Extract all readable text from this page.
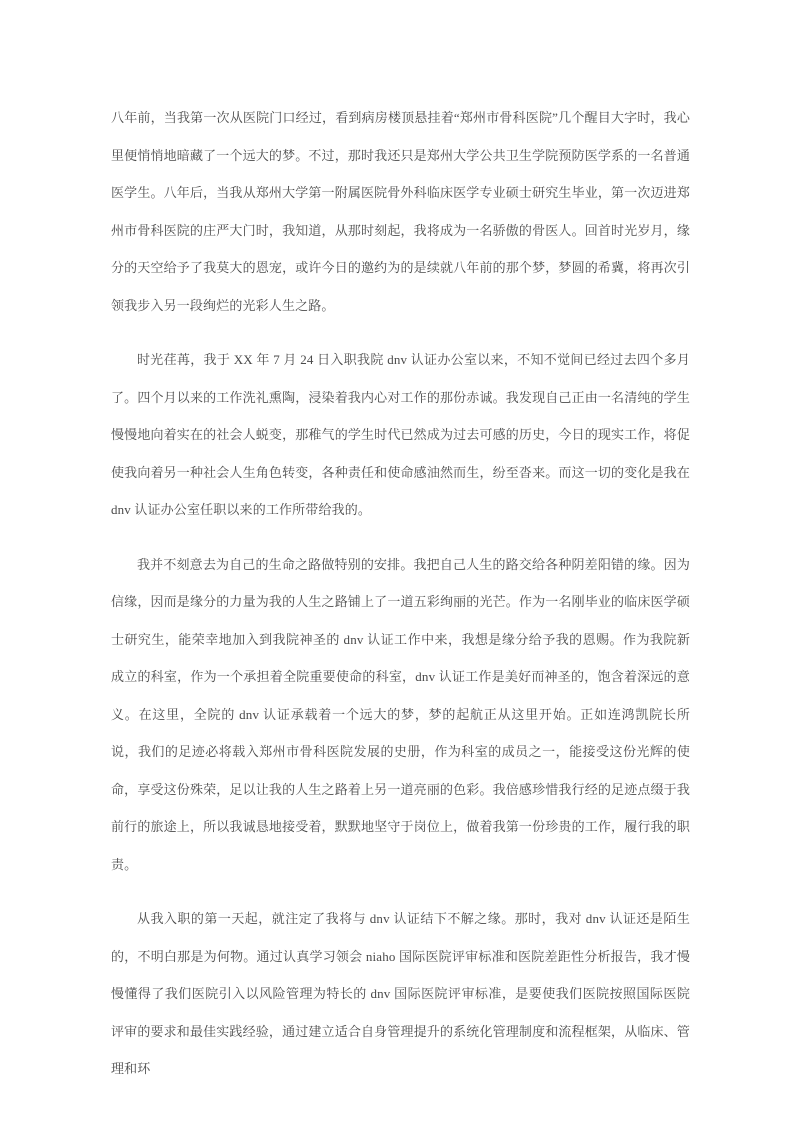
八年前，当我第一次从医院门口经过，看到病房楼顶悬挂着“郑州市骨科医院”几个醒目大字时，我心里便悄悄地暗藏了一个远大的梦。不过，那时我还只是郑州大学公共卫生学院预防医学系的一名普通医学生。八年后，当我从郑州大学第一附属医院骨外科临床医学专业硕士研究生毕业，第一次迈进郑州市骨科医院的庄严大门时，我知道，从那时刻起，我将成为一名骄傲的骨医人。回首时光岁月，缘分的天空给予了我莫大的恩宠，或许今日的邀约为的是续就八年前的那个梦，梦圆的希冀，将再次引领我步入另一段绚烂的光彩人生之路。

时光荏苒，我于 XX 年 7 月 24 日入职我院 dnv 认证办公室以来，不知不觉间已经过去四个多月了。四个月以来的工作洗礼熏陶，浸染着我内心对工作的那份赤诚。我发现自己正由一名清纯的学生慢慢地向着实在的社会人蜕变，那稚气的学生时代已然成为过去可感的历史，今日的现实工作，将促使我向着另一种社会人生角色转变，各种责任和使命感油然而生，纷至沓来。而这一切的变化是我在 dnv 认证办公室任职以来的工作所带给我的。

我并不刻意去为自己的生命之路做特别的安排。我把自己人生的路交给各种阴差阳错的缘。因为信缘，因而是缘分的力量为我的人生之路铺上了一道五彩绚丽的光芒。作为一名刚毕业的临床医学硕士研究生，能荣幸地加入到我院神圣的 dnv 认证工作中来，我想是缘分给予我的恩赐。作为我院新成立的科室，作为一个承担着全院重要使命的科室，dnv 认证工作是美好而神圣的，饱含着深远的意义。在这里，全院的 dnv 认证承载着一个远大的梦，梦的起航正从这里开始。正如连鸿凯院长所说，我们的足迹必将载入郑州市骨科医院发展的史册，作为科室的成员之一，能接受这份光辉的使命，享受这份殊荣，足以让我的人生之路着上另一道亮丽的色彩。我倍感珍惜我行经的足迹点缀于我前行的旅途上，所以我诚恳地接受着，默默地坚守于岗位上，做着我第一份珍贵的工作，履行我的职责。

从我入职的第一天起，就注定了我将与 dnv 认证结下不解之缘。那时，我对 dnv 认证还是陌生的，不明白那是为何物。通过认真学习领会 niaho 国际医院评审标准和医院差距性分析报告，我才慢慢懂得了我们医院引入以风险管理为特长的 dnv 国际医院评审标准，是要使我们医院按照国际医院评审的要求和最佳实践经验，通过建立适合自身管理提升的系统化管理制度和流程框架，从临床、管理和环
